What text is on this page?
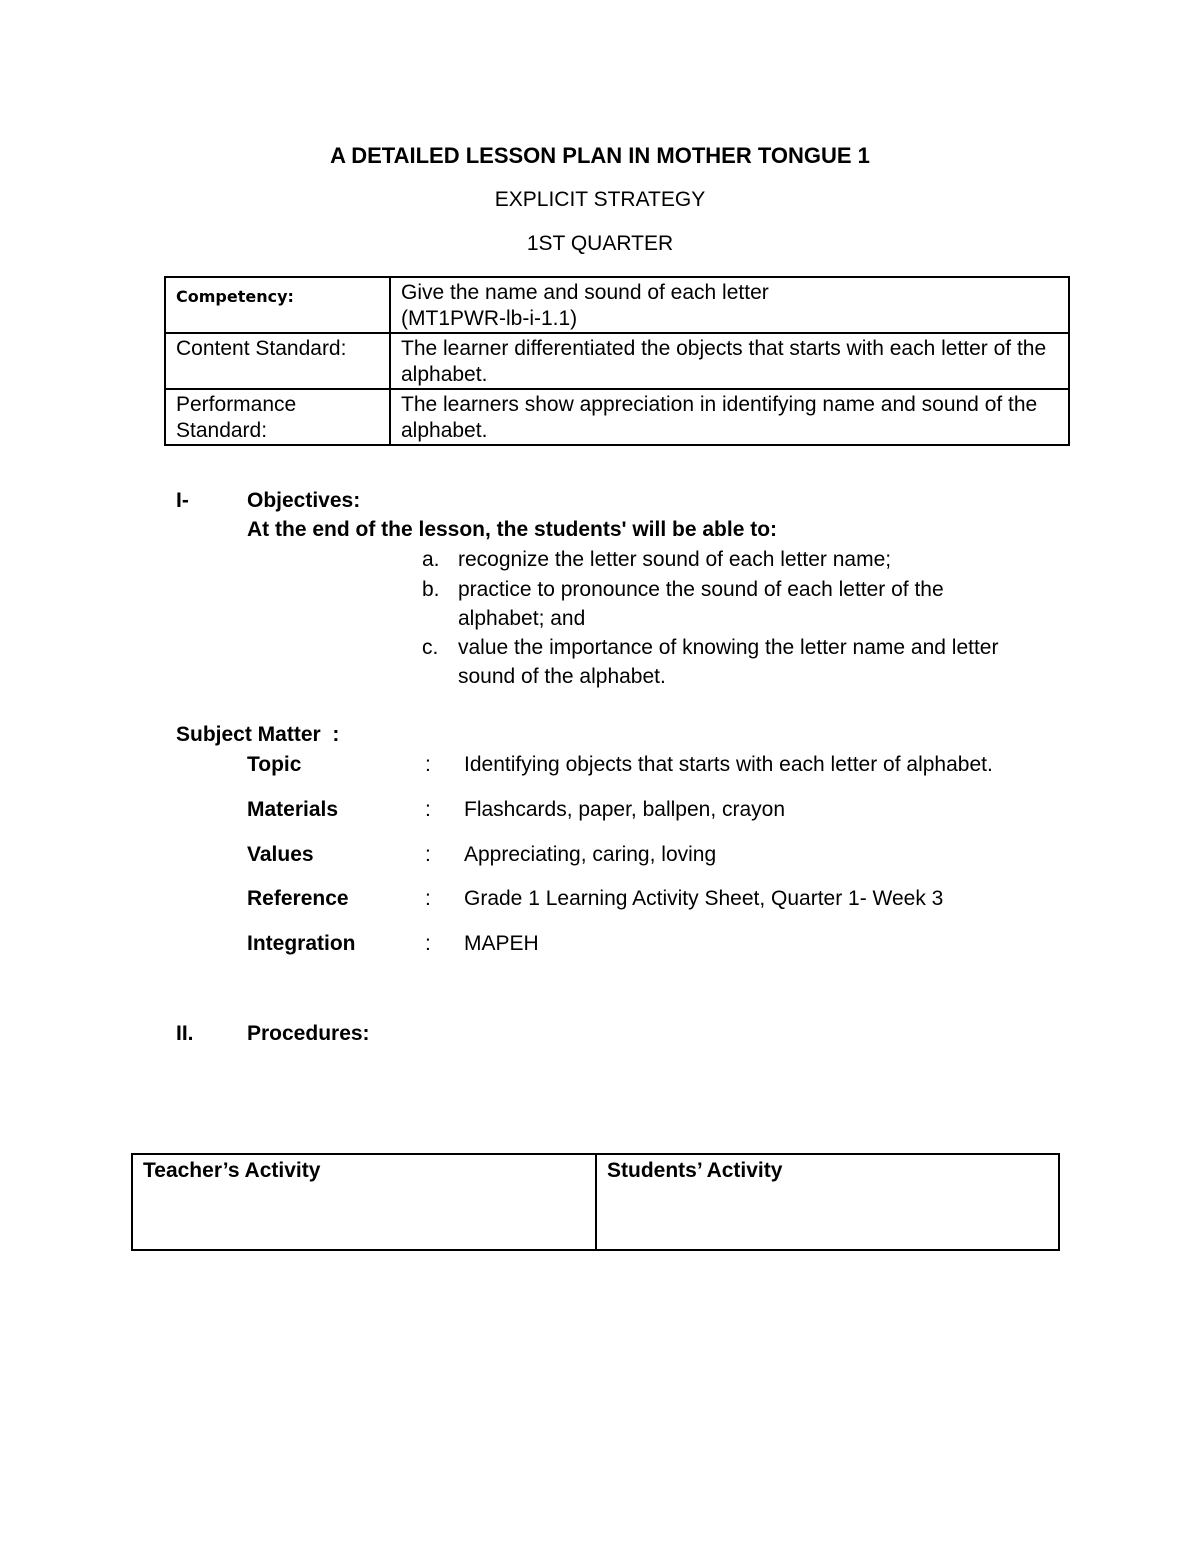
A DETAILED LESSON PLAN IN MOTHER TONGUE 1
EXPLICIT STRATEGY
1ST QUARTER
Competency:	Give the name and sound of each letter
(MT1PWR-lb-i-1.1)
Content Standard:	The learner differentiated the objects that starts with each letter of the alphabet.
Performance Standard:	The learners show appreciation in identifying name and sound of the alphabet.
I-	Objectives:
At the end of the lesson, the students' will be able to:
a. recognize the letter sound of each letter name;
b. practice to pronounce the sound of each letter of the alphabet; and
c. value the importance of knowing the letter name and letter sound of the alphabet.
Subject Matter  :
Topic	: Identifying objects that starts with each letter of alphabet.
Materials	: Flashcards, paper, ballpen, crayon
Values	: Appreciating, caring, loving
Reference	: Grade 1 Learning Activity Sheet, Quarter 1- Week 3
Integration	: MAPEH
II.	Procedures:
Teacher’s Activity	Students’ Activity
